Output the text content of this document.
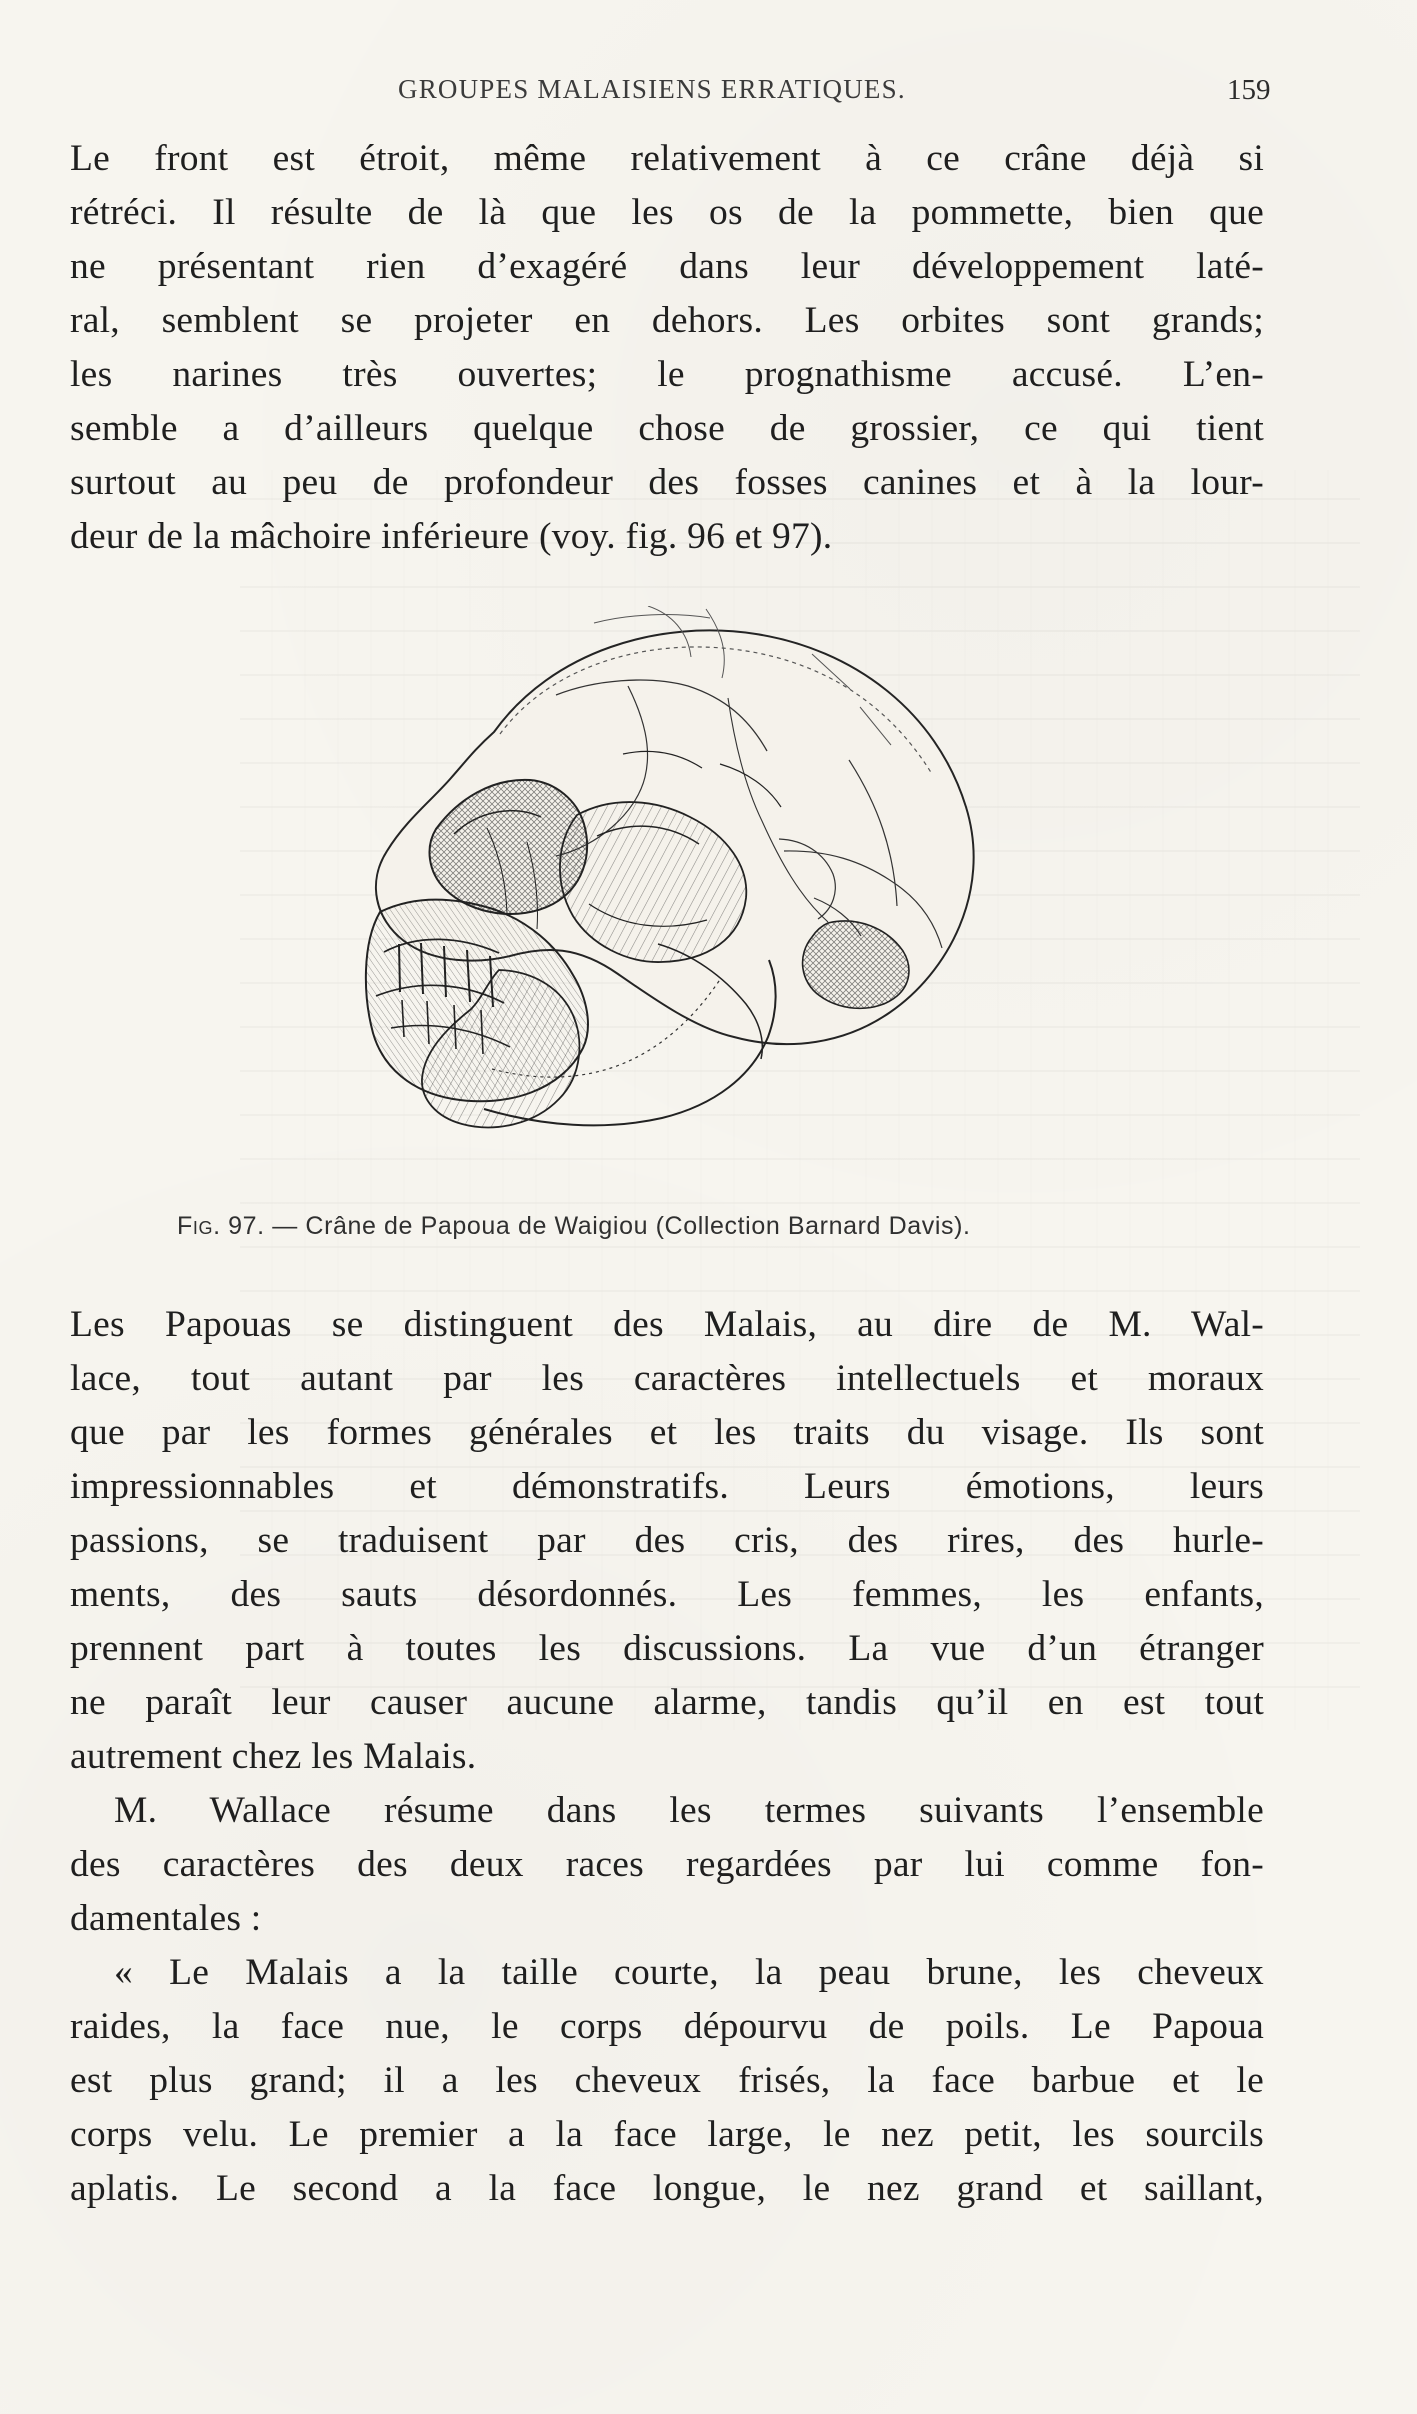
GROUPES MALAISIENS ERRATIQUES.	159
Le front est étroit, même relativement à ce crâne déjà si
rétréci. Il résulte de là que les os de la pommette, bien que
ne présentant rien d’exagéré dans leur développement laté-
ral, semblent se projeter en dehors. Les orbites sont grands;
les narines très ouvertes; le prognathisme accusé. L’en-
semble a d’ailleurs quelque chose de grossier, ce qui tient
surtout au peu de profondeur des fosses canines et à la lour-
deur de la mâchoire inférieure (voy. fig. 96 et 97).
Fig. 97. — Crâne de Papoua de Waigiou (Collection Barnard Davis).
Les Papouas se distinguent des Malais, au dire de M. Wal-
lace, tout autant par les caractères intellectuels et moraux
que par les formes générales et les traits du visage. Ils sont
impressionnables et démonstratifs. Leurs émotions, leurs
passions, se traduisent par des cris, des rires, des hurle-
ments, des sauts désordonnés. Les femmes, les enfants,
prennent part à toutes les discussions. La vue d’un étranger
ne paraît leur causer aucune alarme, tandis qu’il en est tout
autrement chez les Malais.
M. Wallace résume dans les termes suivants l’ensemble
des caractères des deux races regardées par lui comme fon-
damentales :
« Le Malais a la taille courte, la peau brune, les cheveux
raides, la face nue, le corps dépourvu de poils. Le Papoua
est plus grand; il a les cheveux frisés, la face barbue et le
corps velu. Le premier a la face large, le nez petit, les sourcils
aplatis. Le second a la face longue, le nez grand et saillant,
